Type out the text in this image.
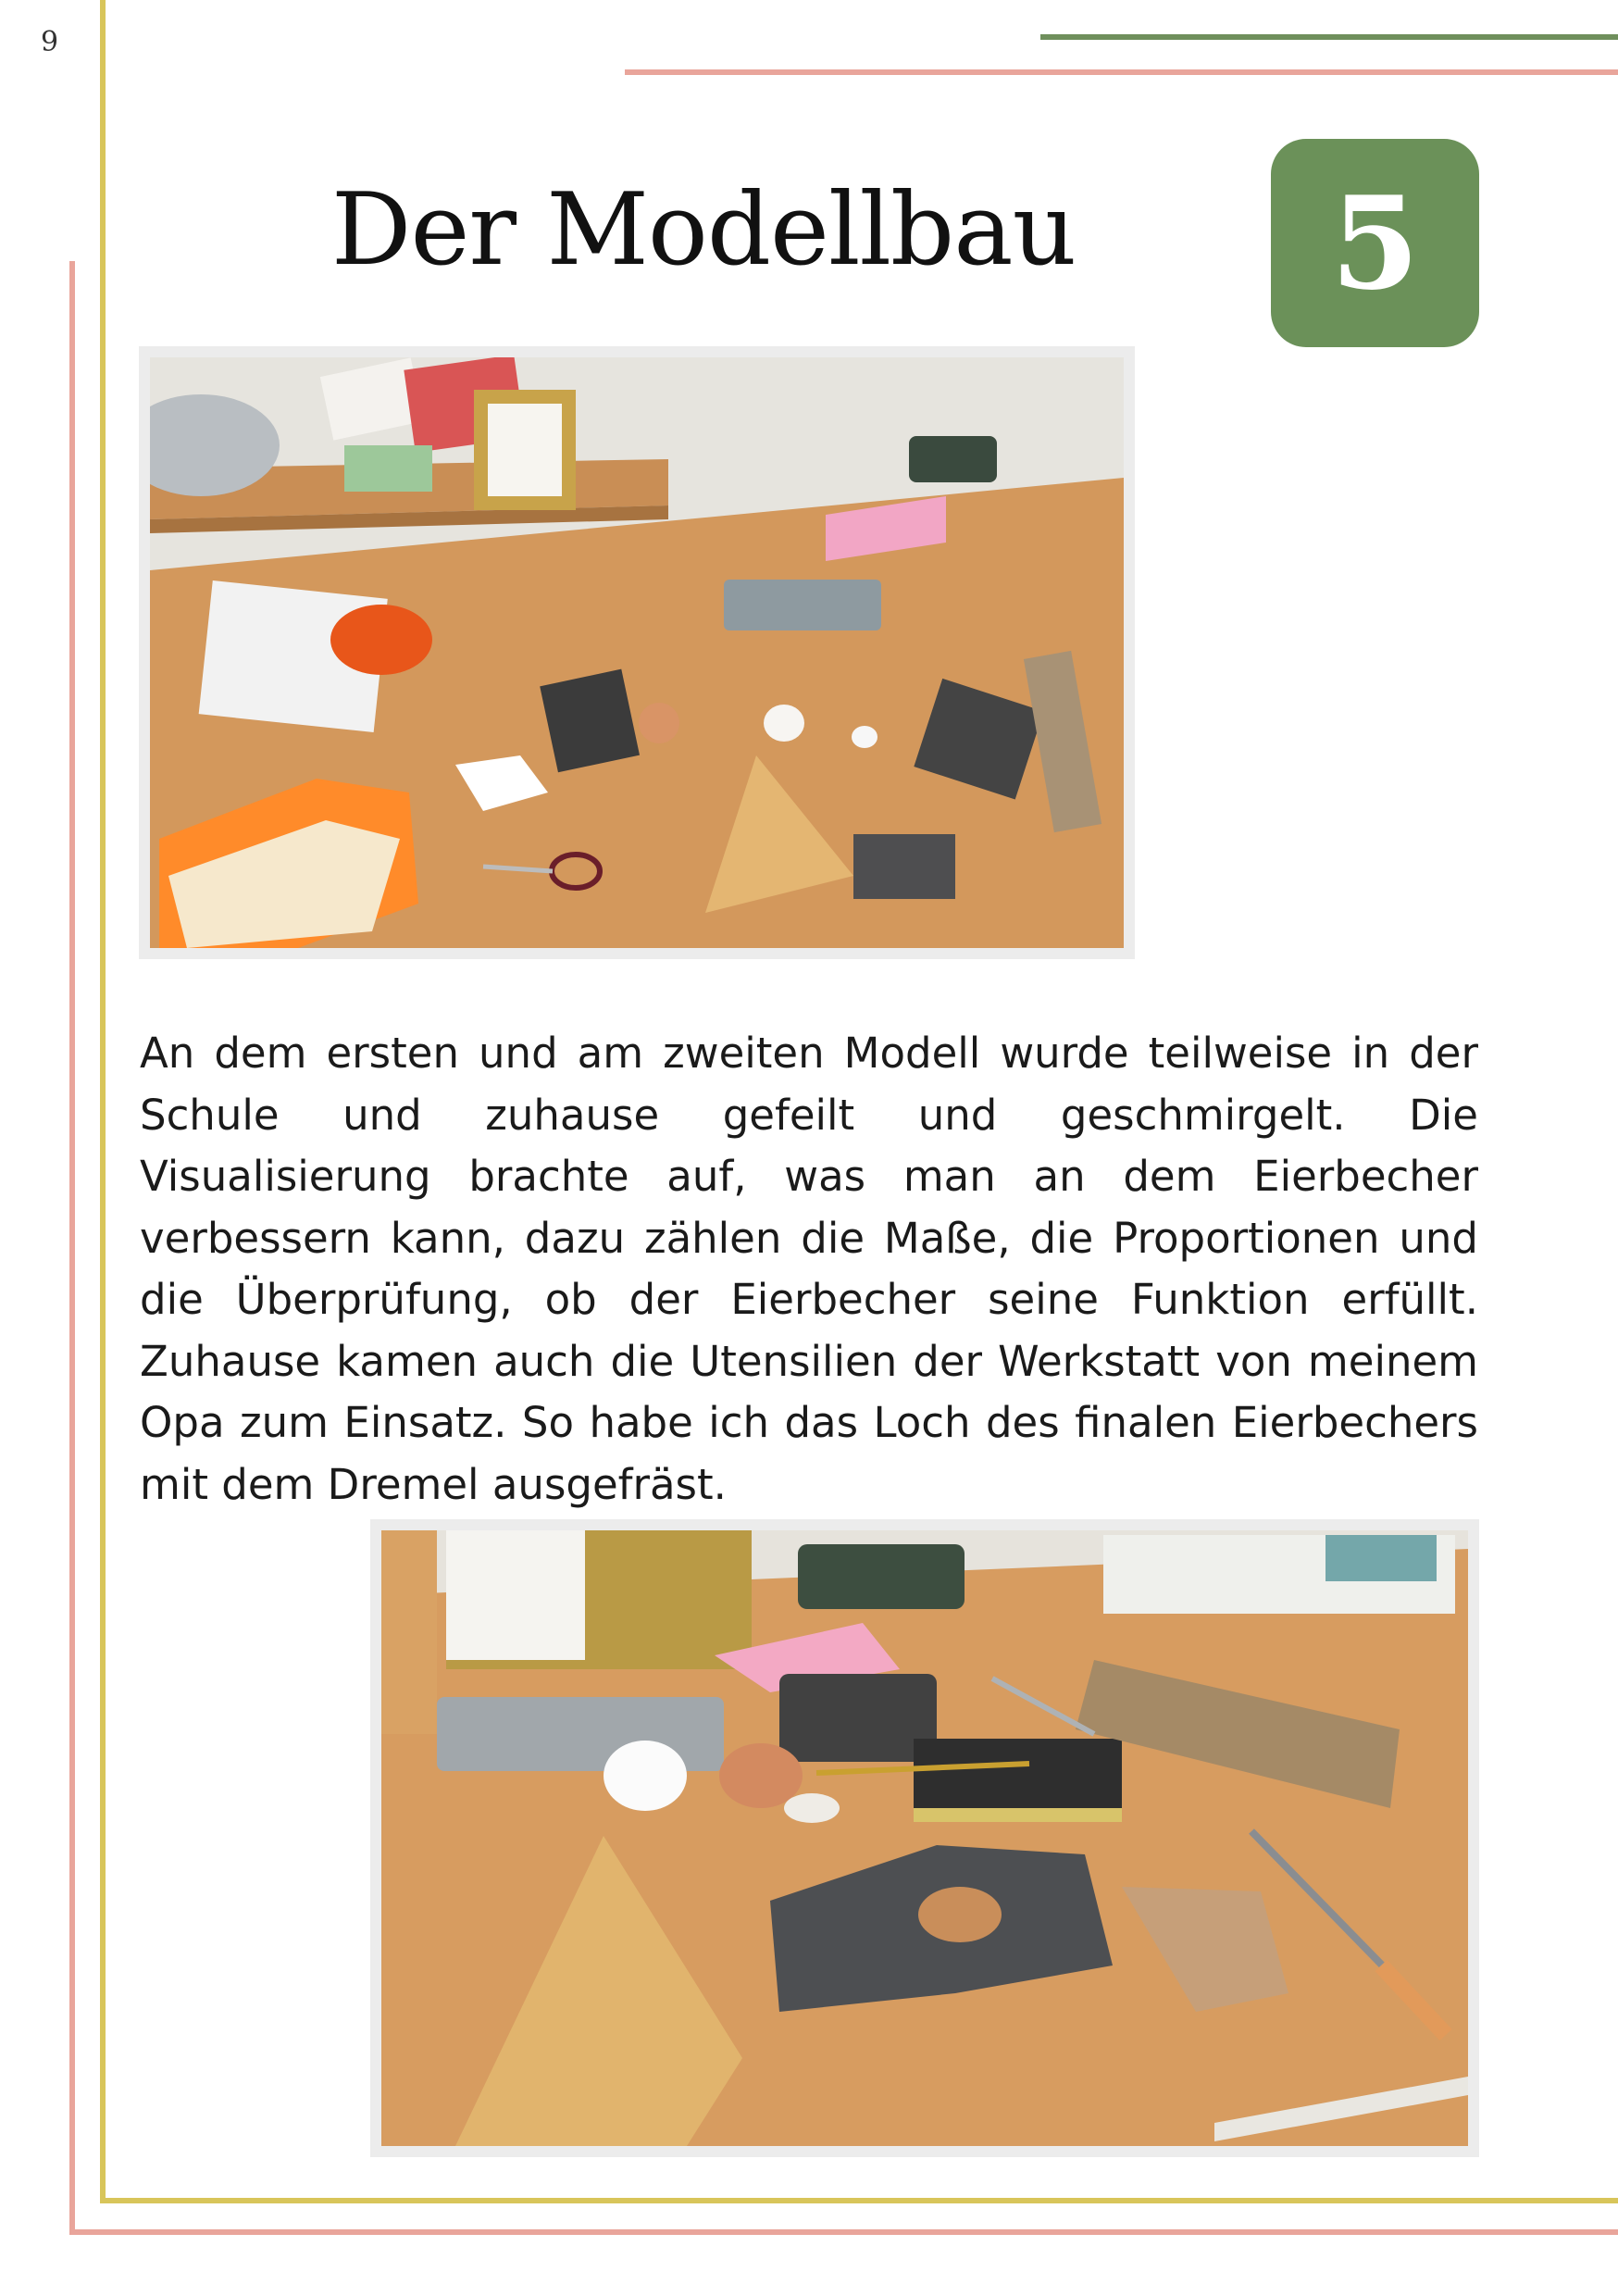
9
Der Modellbau 5
An dem ersten und am zweiten Modell wurde teilweise in der Schule und zuhause gefeilt und geschmirgelt. Die Visualisierung brachte auf, was man an dem Eierbecher verbessern kann, dazu zählen die Maße, die Proportionen und die Überprüfung, ob der Eierbecher seine Funktion erfüllt. Zuhause kamen auch die Utensilien der Werkstatt von meinem Opa zum Einsatz. So habe ich das Loch des finalen Eierbechers mit dem Dremel ausgefräst.
